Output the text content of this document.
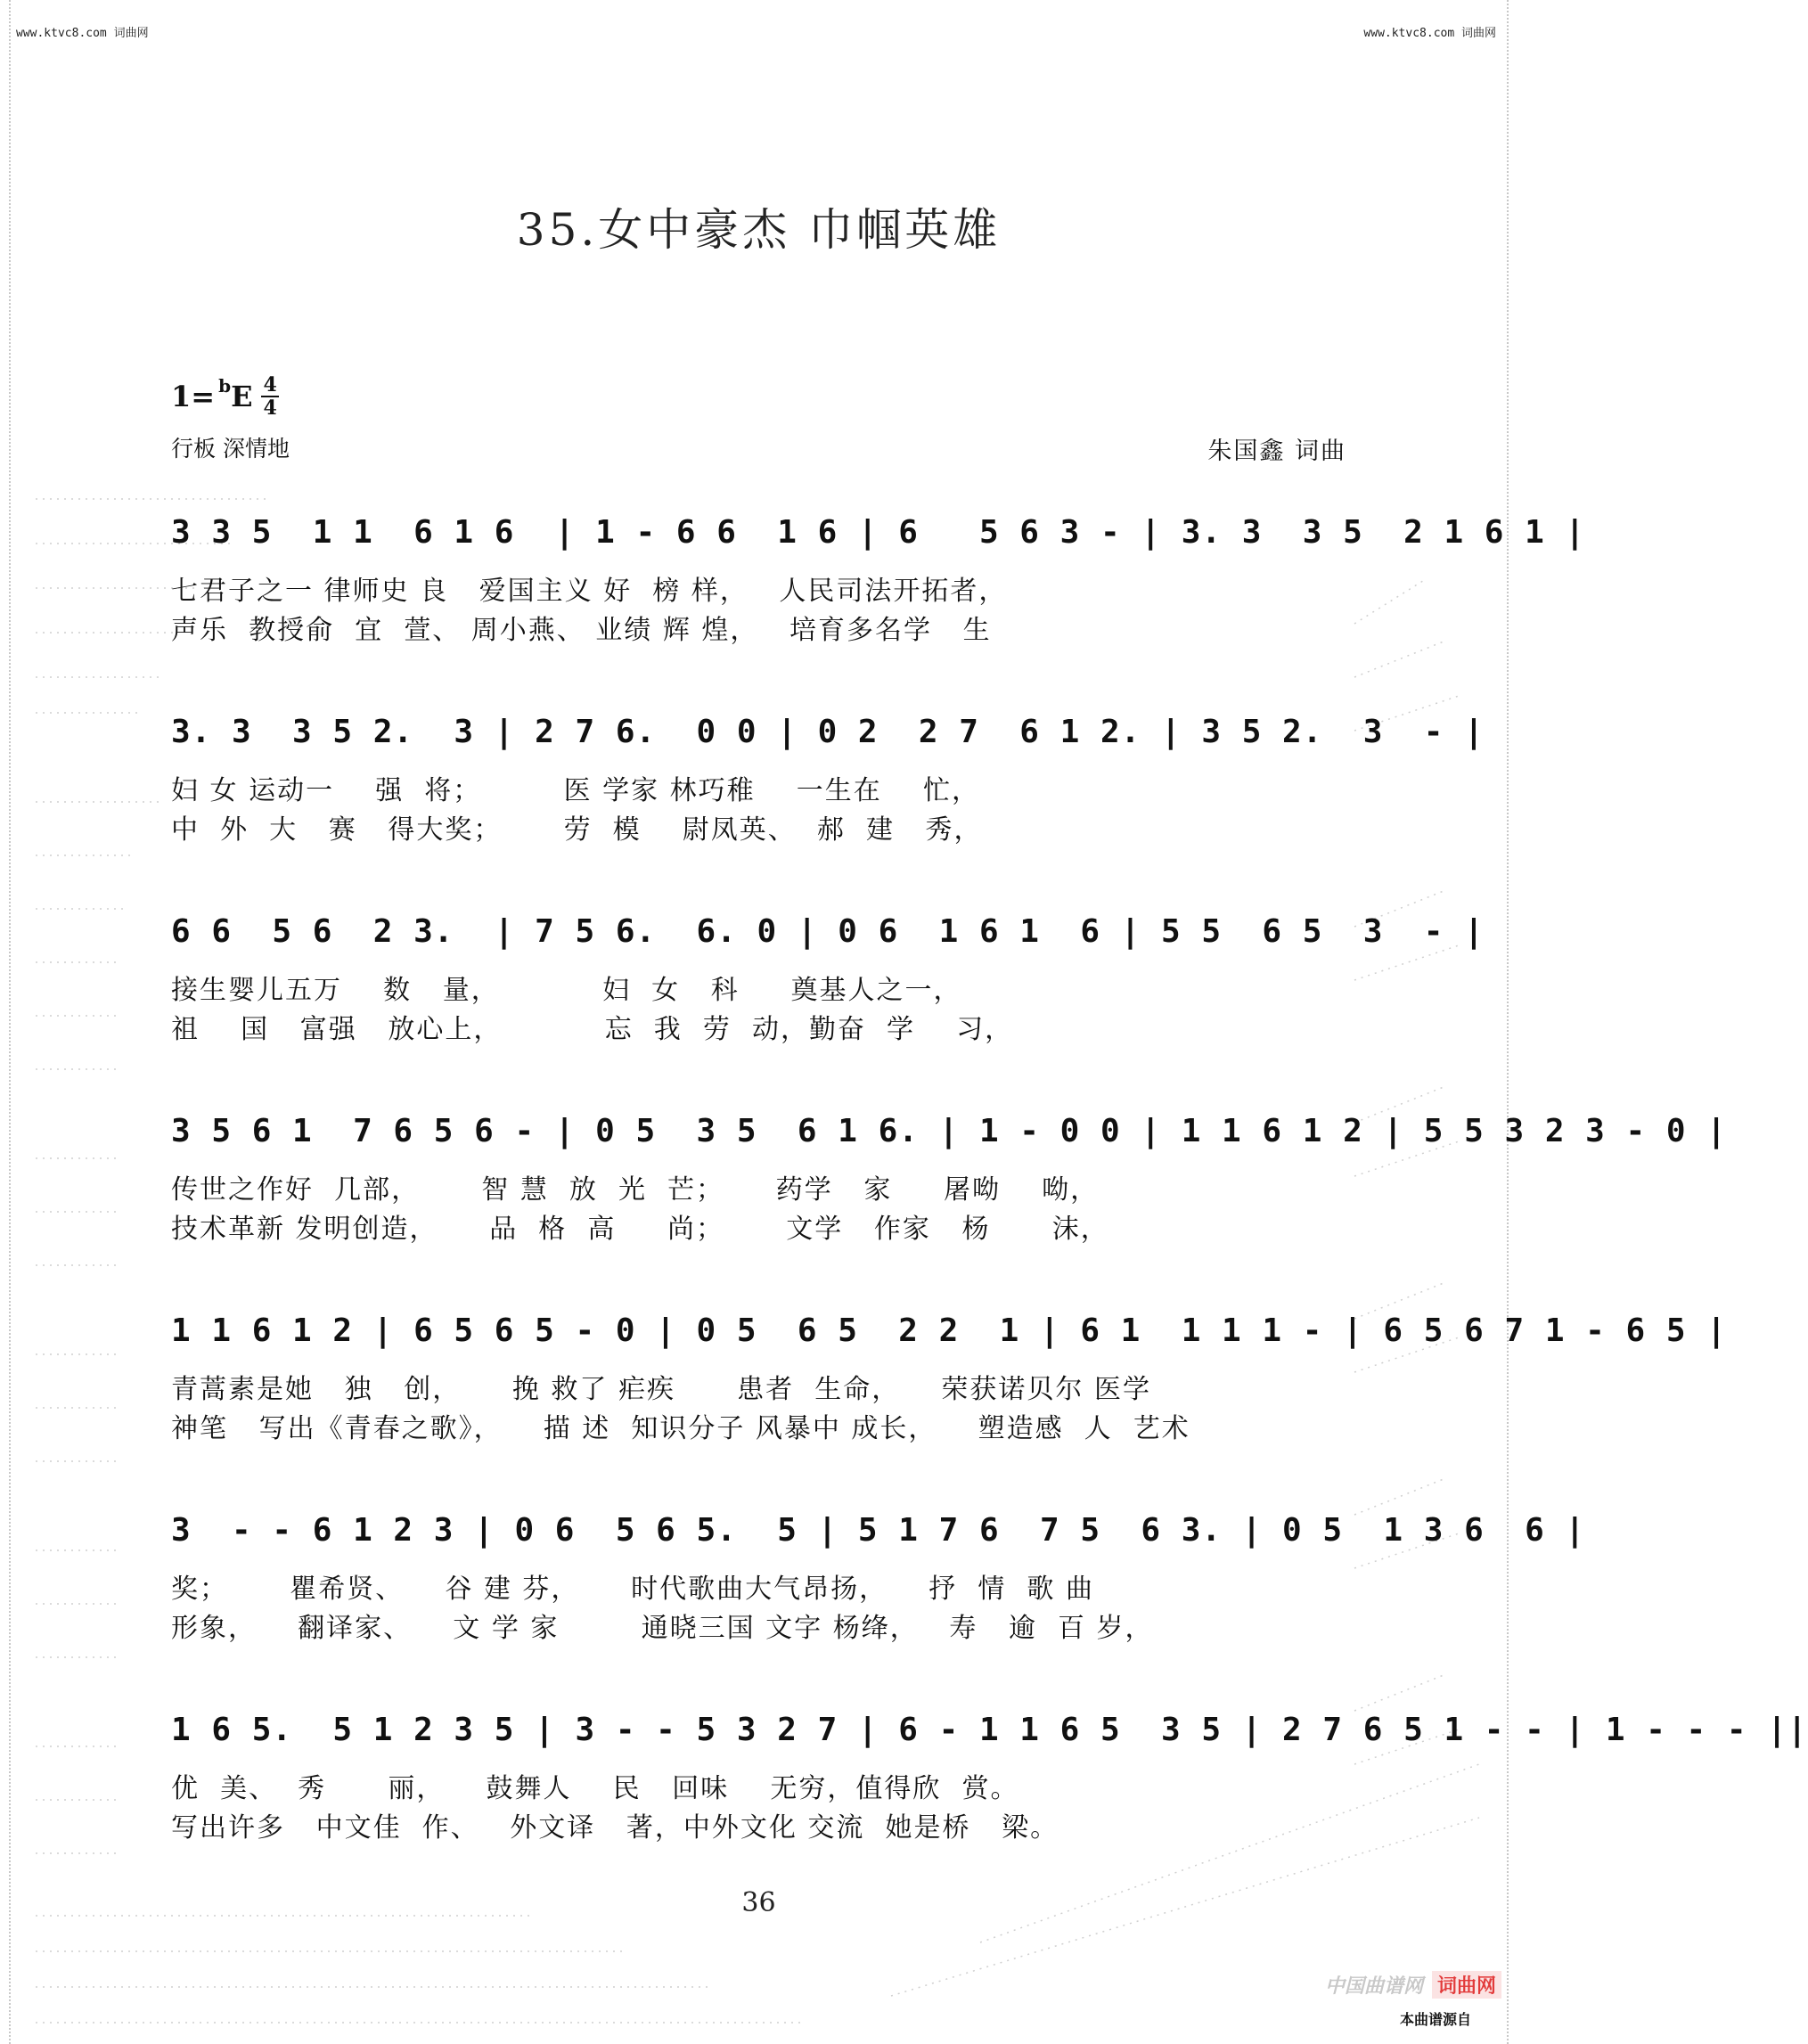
www.ktvc8.com 词曲网	www.ktvc8.com 词曲网
35.女中豪杰 巾帼英雄
1= b E 4
4
行板 深情地	朱国鑫 词曲
3 3 5  1 1  6 1 6  | 1 - 6 6  1 6 | 6   5 6 3 - | 3. 3  3 5  2 1 6 1 |
七君子之一 律师史 良   爱国主义 好  榜 样，   人民司法开拓者，
声乐  教授俞  宜  萱、 周小燕、 业绩 辉 煌，   培育多名学   生
3. 3  3 5 2.  3 | 2 7 6.  0 0 | 0 2  2 7  6 1 2. | 3 5 2.  3  - |
妇 女 运动一    强  将；        医 学家 林巧稚    一生在    忙，
中  外  大   赛   得大奖；      劳  模    尉凤英、  郝  建   秀，
6 6  5 6  2 3.  | 7 5 6.  6. 0 | 0 6  1 6 1  6 | 5 5  6 5  3  - |
接生婴儿五万    数   量，          妇  女   科     奠基人之一，
祖    国   富强   放心上，          忘  我  劳  动，勤奋  学    习，
3 5 6 1  7 6 5 6 - | 0 5  3 5  6 1 6. | 1 - 0 0 | 1 1 6 1 2 | 5 5 3 2 3 - 0 |
传世之作好  几部，      智 慧  放  光  芒；     药学   家     屠呦    呦，
技术革新 发明创造，     品  格  高     尚；      文学   作家   杨      沫，
1 1 6 1 2 | 6 5 6 5 - 0 | 0 5  6 5  2 2  1 | 6 1  1 1 1 - | 6 5 6 7 1 - 6 5 |
青蒿素是她   独   创，     挽 救了 疟疾      患者  生命，    荣获诺贝尔 医学
神笔   写出《青春之歌》，    描 述  知识分子 风暴中 成长，    塑造感  人  艺术
3  - - 6 1 2 3 | 0 6  5 6 5.  5 | 5 1 7 6  7 5  6 3. | 0 5  1 3 6  6 |
奖；      瞿希贤、    谷 建 芬，     时代歌曲大气昂扬，    抒  情  歌 曲
形象，    翻译家、    文 学 家        通晓三国 文字 杨绛，   寿   逾  百 岁，
1 6 5.  5 1 2 3 5 | 3 - - 5 3 2 7 | 6 - 1 1 6 5  3 5 | 2 7 6 5 1 - - | 1 - - - ||
优  美、  秀      丽，    鼓舞人    民   回味    无穷，值得欣  赏。
写出许多   中文佳  作、   外文译   著，中外文化 交流  她是桥   梁。
36
中国曲谱网 词曲网
本曲谱源自
